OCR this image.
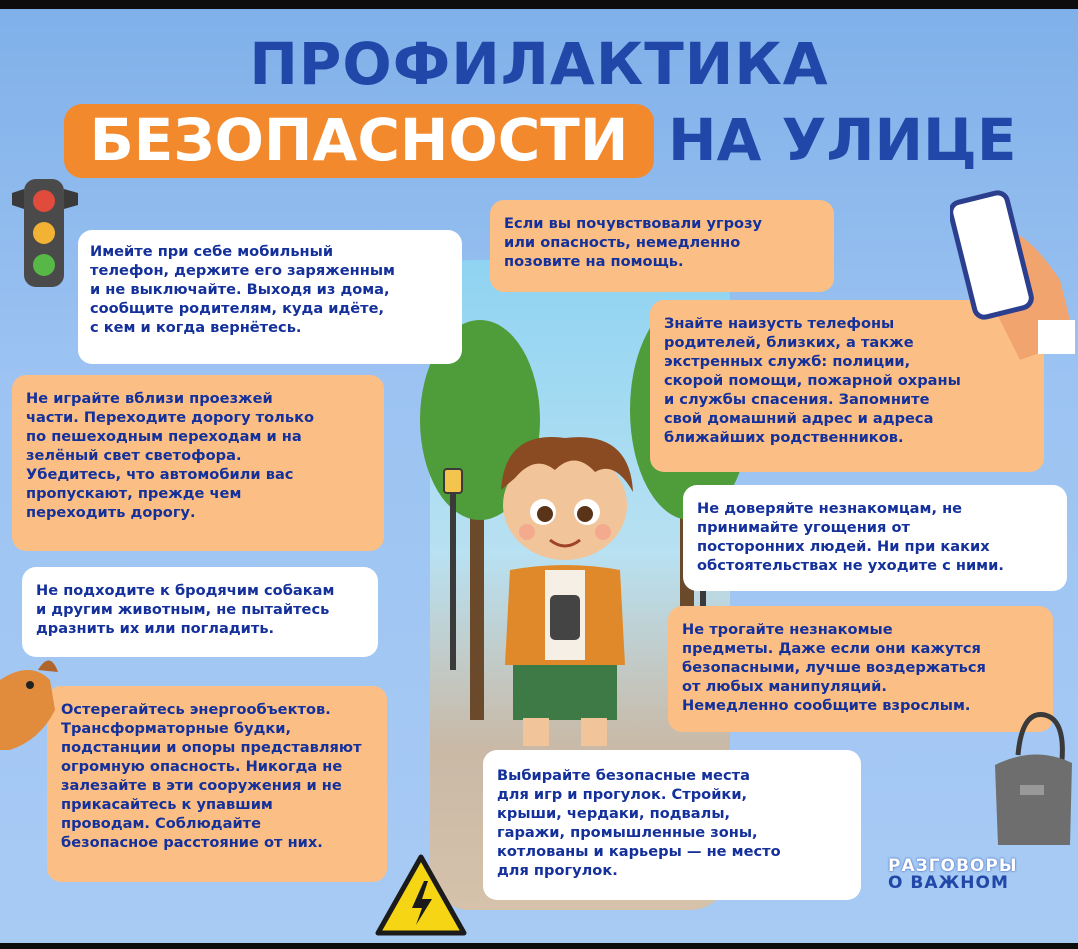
ПРОФИЛАКТИКА
БЕЗОПАСНОСТИ НА УЛИЦЕ
Имейте при себе мобильный
телефон, держите его заряженным
и не выключайте. Выходя из дома,
сообщите родителям, куда идёте,
с кем и когда вернётесь.
Если вы почувствовали угрозу
или опасность, немедленно
позовите на помощь.
Знайте наизусть телефоны
родителей, близких, а также
экстренных служб: полиции,
скорой помощи, пожарной охраны
и службы спасения. Запомните
свой домашний адрес и адреса
ближайших родственников.
Не играйте вблизи проезжей
части. Переходите дорогу только
по пешеходным переходам и на
зелёный свет светофора.
Убедитесь, что автомобили вас
пропускают, прежде чем
переходить дорогу.	Не доверяйте незнакомцам, не
принимайте угощения от
посторонних людей. Ни при каких
обстоятельствах не уходите с ними.
Не подходите к бродячим собакам
и другим животным, не пытайтесь
дразнить их или погладить.	Не трогайте незнакомые
предметы. Даже если они кажутся
безопасными, лучше воздержаться
от любых манипуляций.
Немедленно сообщите взрослым.
Остерегайтесь энергообъектов.
Трансформаторные будки,
подстанции и опоры представляют
огромную опасность. Никогда не
залезайте в эти сооружения и не
прикасайтесь к упавшим
проводам. Соблюдайте
безопасное расстояние от них.
Выбирайте безопасные места
для игр и прогулок. Стройки,
крыши, чердаки, подвалы,
гаражи, промышленные зоны,
котлованы и карьеры — не место
для прогулок.	РАЗГОВОРЫ
О ВАЖНОМ
